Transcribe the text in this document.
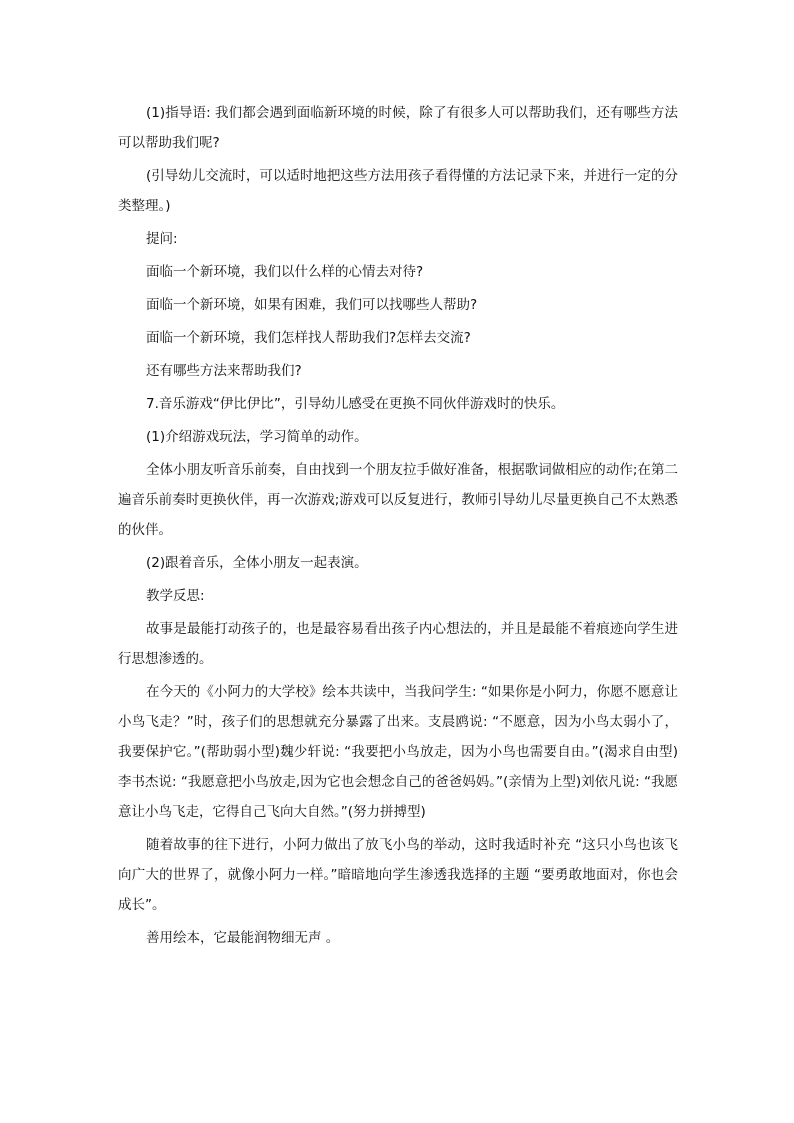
(1)指导语: 我们都会遇到面临新环境的时候，除了有很多人可以帮助我们，还有哪些方法可以帮助我们呢?

(引导幼儿交流时，可以适时地把这些方法用孩子看得懂的方法记录下来，并进行一定的分类整理。)

提问:

面临一个新环境，我们以什么样的心情去对待?

面临一个新环境，如果有困难，我们可以找哪些人帮助?

面临一个新环境，我们怎样找人帮助我们?怎样去交流?

还有哪些方法来帮助我们?

7.音乐游戏“伊比伊比”，引导幼儿感受在更换不同伙伴游戏时的快乐。

(1)介绍游戏玩法，学习简单的动作。

全体小朋友听音乐前奏，自由找到一个朋友拉手做好准备，根据歌词做相应的动作;在第二遍音乐前奏时更换伙伴，再一次游戏;游戏可以反复进行，教师引导幼儿尽量更换自己不太熟悉的伙伴。

(2)跟着音乐，全体小朋友一起表演。

教学反思:

故事是最能打动孩子的，也是最容易看出孩子内心想法的，并且是最能不着痕迹向学生进行思想渗透的。

在今天的《小阿力的大学校》绘本共读中，当我问学生: “如果你是小阿力，你愿不愿意让小鸟飞走？”时，孩子们的思想就充分暴露了出来。支晨鸥说: “不愿意，因为小鸟太弱小了，我要保护它。”(帮助弱小型)魏少轩说: “我要把小鸟放走，因为小鸟也需要自由。”(渴求自由型)李书杰说: “我愿意把小鸟放走,因为它也会想念自己的爸爸妈妈。”(亲情为上型)刘依凡说: “我愿意让小鸟飞走，它得自己飞向大自然。”(努力拼搏型)

随着故事的往下进行，小阿力做出了放飞小鸟的举动，这时我适时补充 “这只小鸟也该飞向广大的世界了，就像小阿力一样。”暗暗地向学生渗透我选择的主题 “要勇敢地面对，你也会成长”。

善用绘本，它最能润物细无声 。
